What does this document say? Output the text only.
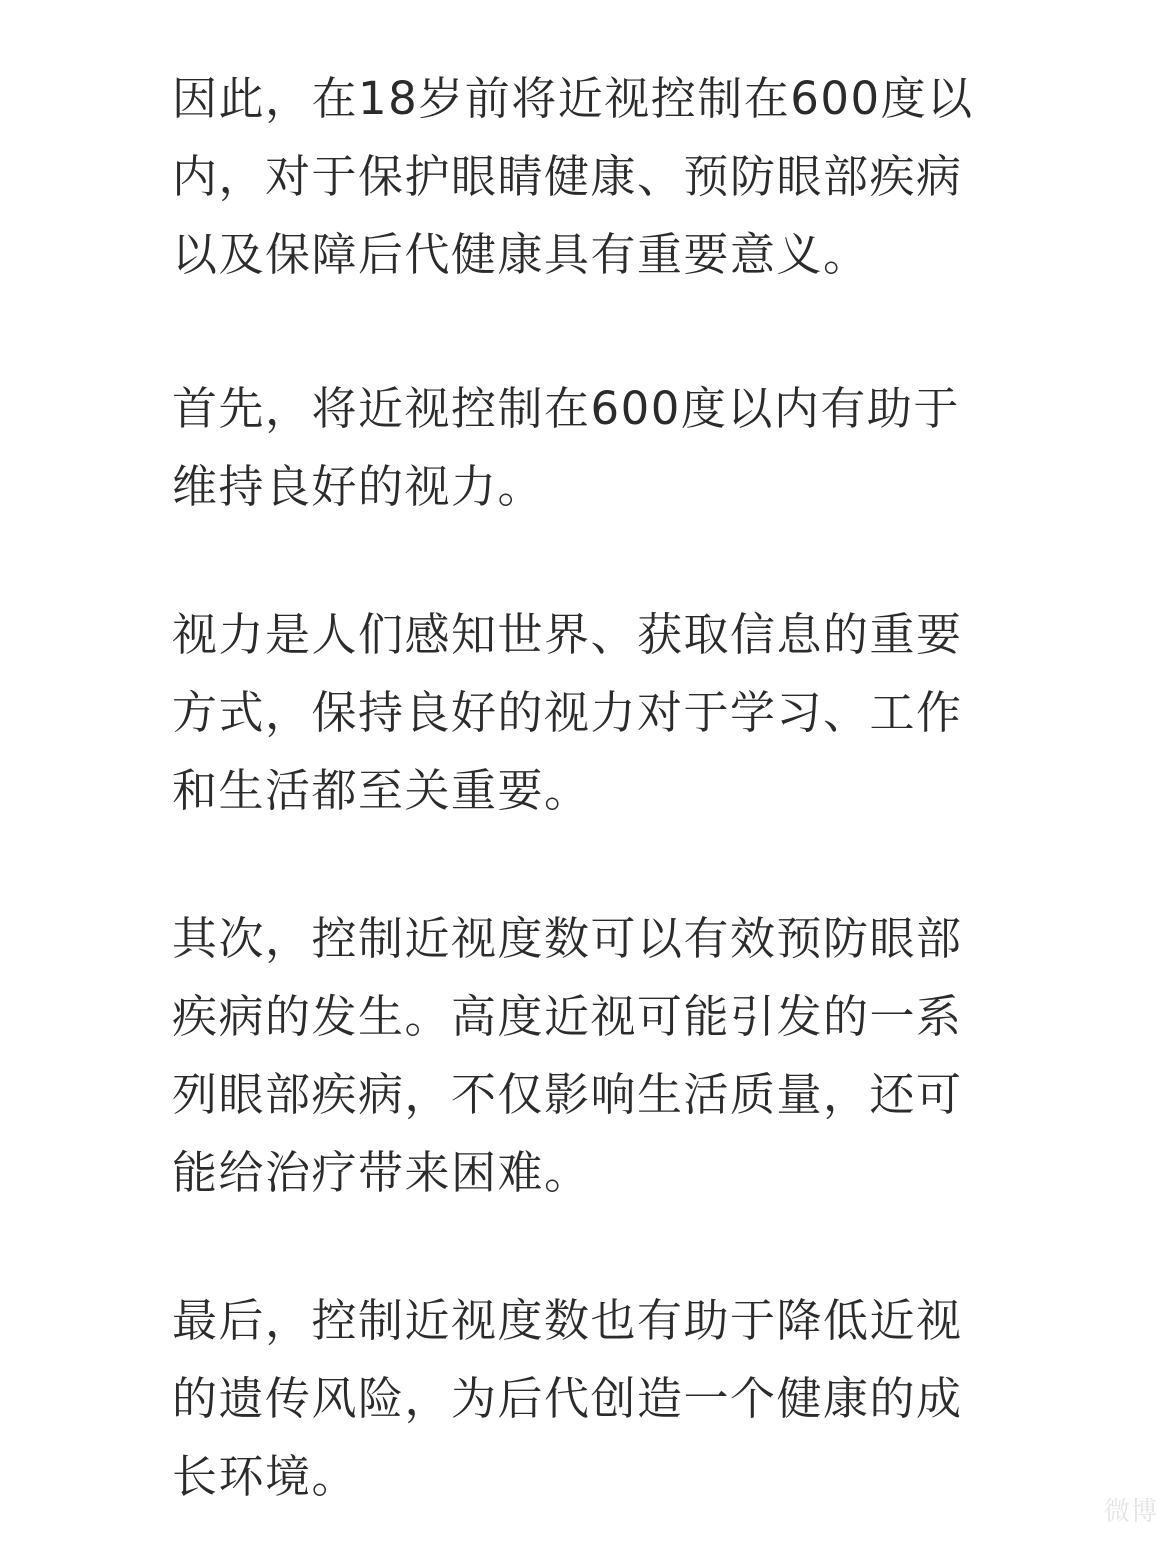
因此，在18岁前将近视控制在600度以内，对于保护眼睛健康、预防眼部疾病以及保障后代健康具有重要意义。

首先，将近视控制在600度以内有助于维持良好的视力。

视力是人们感知世界、获取信息的重要方式，保持良好的视力对于学习、工作和生活都至关重要。

其次，控制近视度数可以有效预防眼部疾病的发生。高度近视可能引发的一系列眼部疾病，不仅影响生活质量，还可能给治疗带来困难。

最后，控制近视度数也有助于降低近视的遗传风险，为后代创造一个健康的成长环境。

微博
